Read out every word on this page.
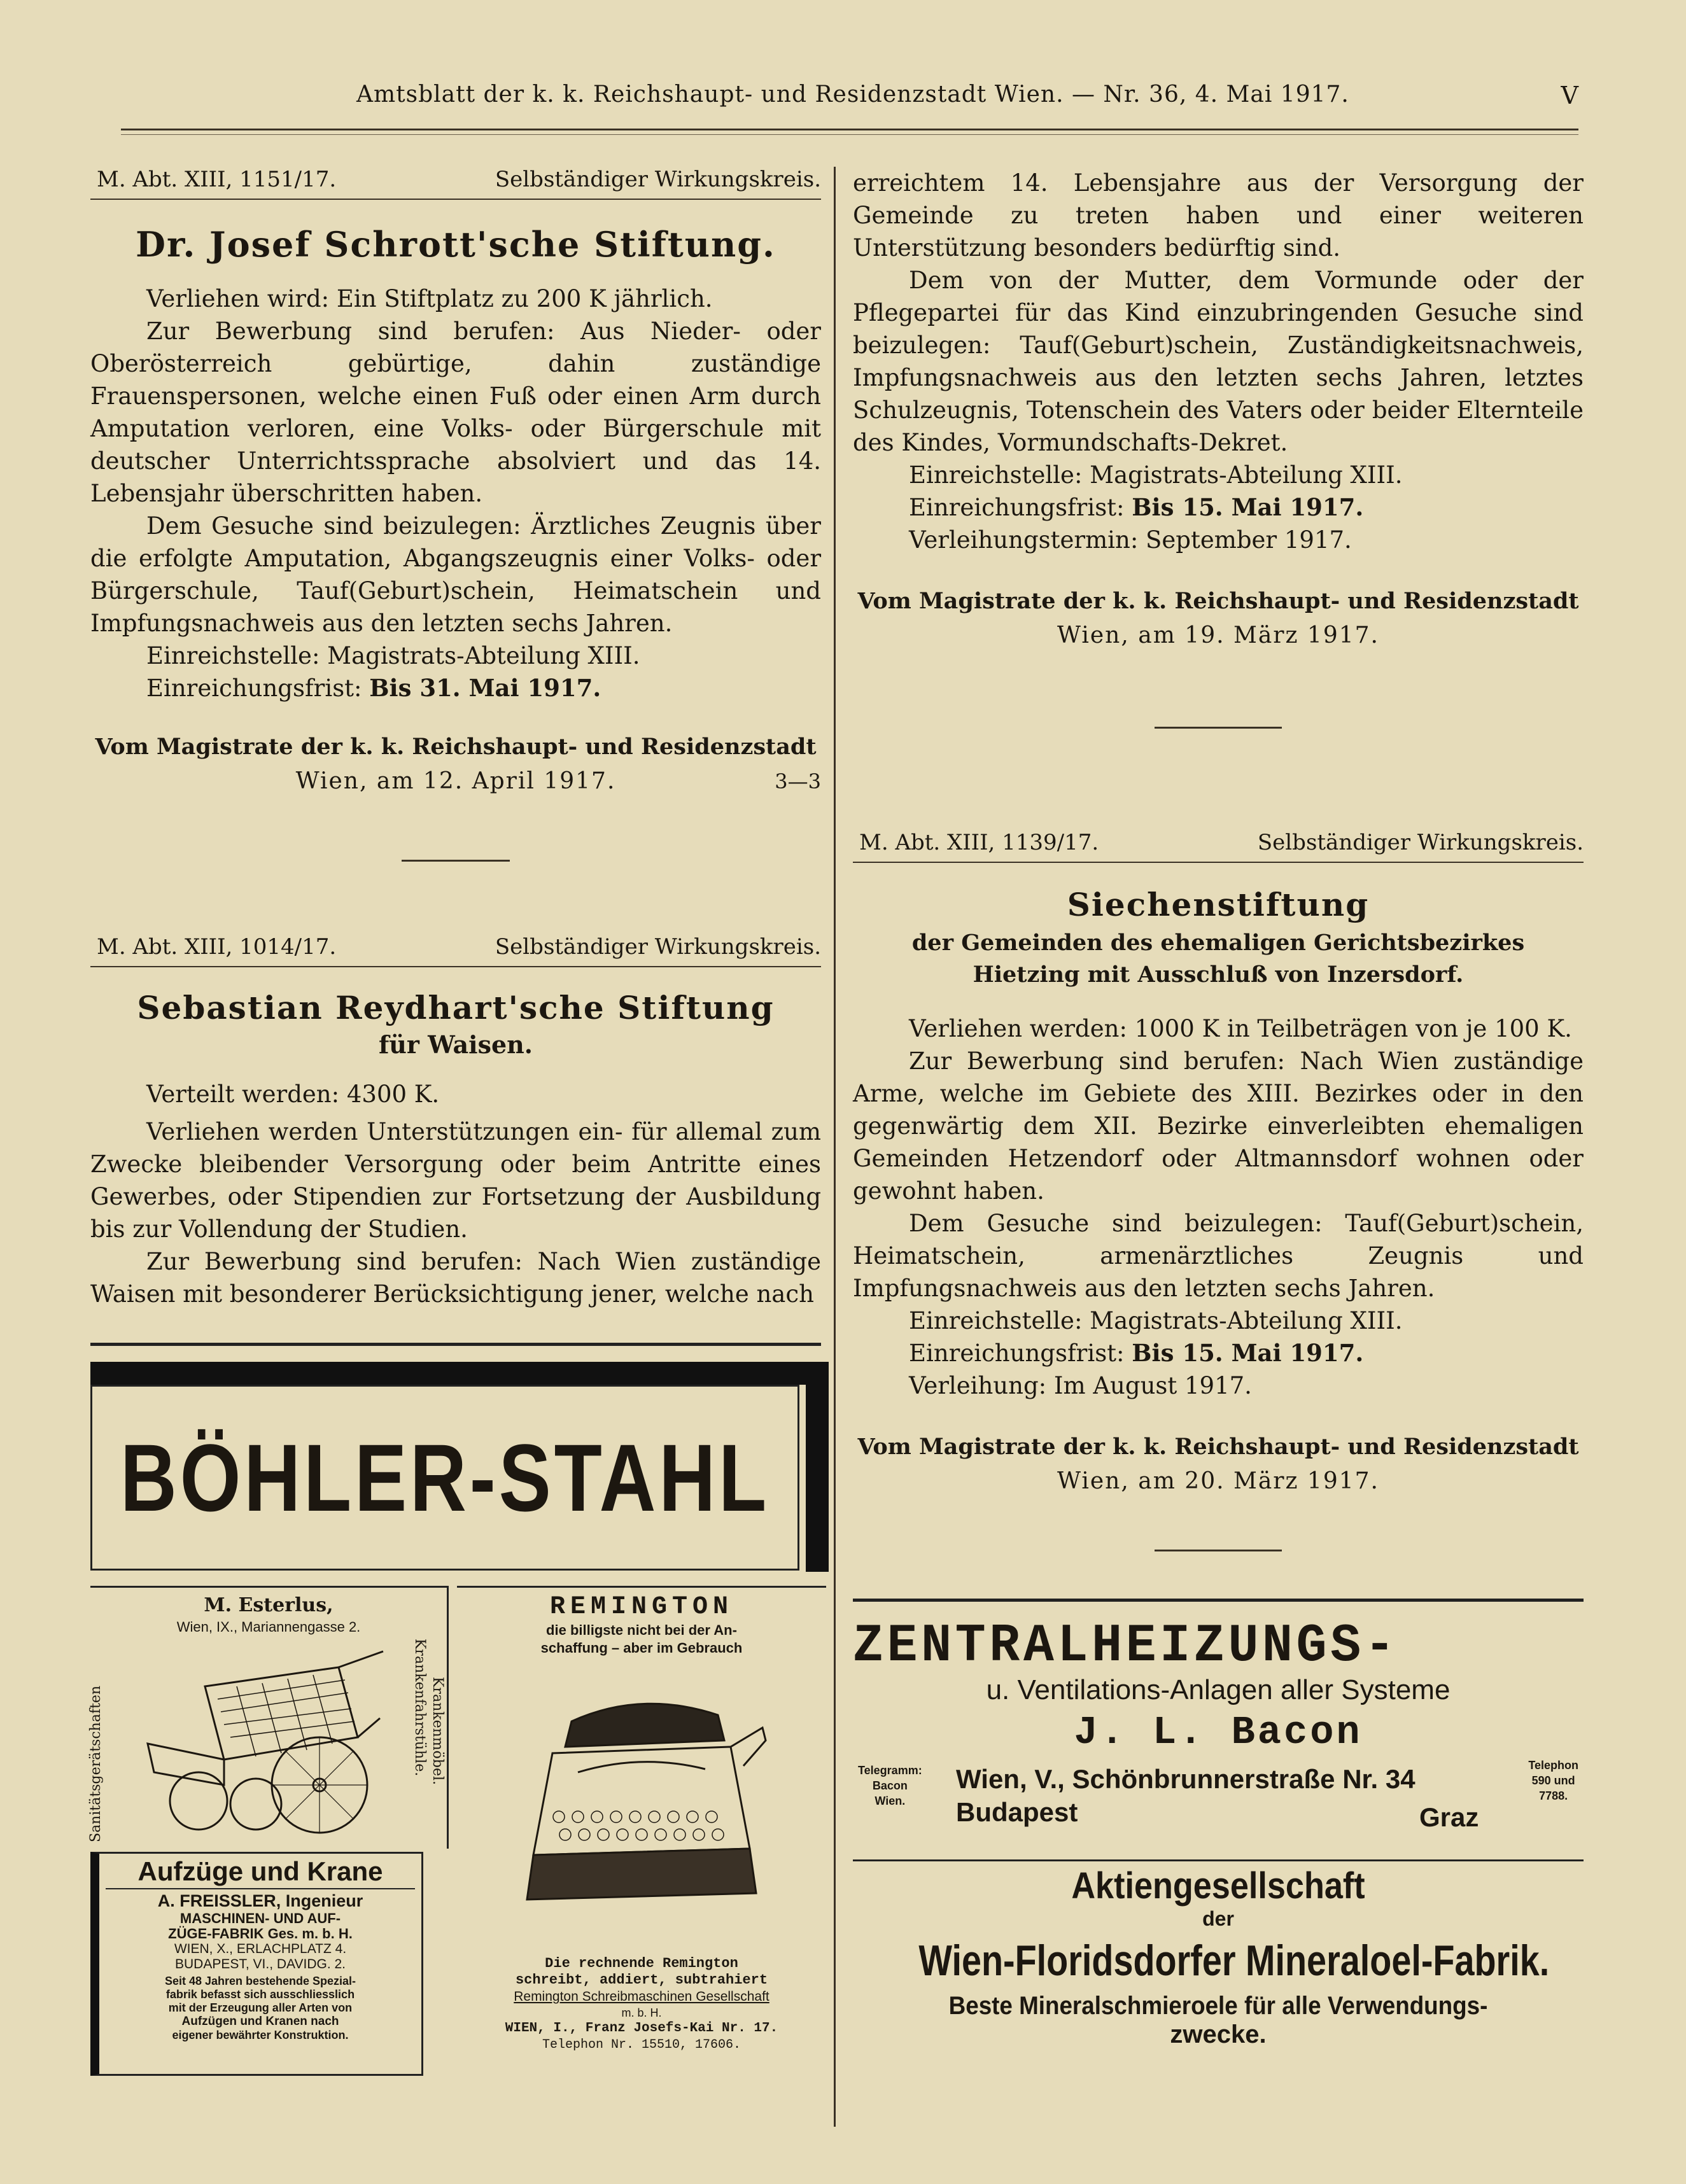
Amtsblatt der k. k. Reichshaupt- und Residenzstadt Wien. — Nr. 36, 4. Mai 1917.	V
M. Abt. XIII, 1151/17.	Selbständiger Wirkungskreis.
Dr. Josef Schrott'sche Stiftung.

Verliehen wird: Ein Stiftplatz zu 200 K jährlich.

Zur Bewerbung sind berufen: Aus Nieder- oder Oberösterreich gebürtige, dahin zuständige Frauenspersonen, welche einen Fuß oder einen Arm durch Amputation verloren, eine Volks- oder Bürgerschule mit deutscher Unterrichtssprache absolviert und das 14. Lebensjahr überschritten haben.

Dem Gesuche sind beizulegen: Ärztliches Zeugnis über die erfolgte Amputation, Abgangszeugnis einer Volks- oder Bürgerschule, Tauf(Geburt)schein, Heimatschein und Impfungsnachweis aus den letzten sechs Jahren.

Einreichstelle: Magistrats-Abteilung XIII.

Einreichungsfrist: Bis 31. Mai 1917.

Vom Magistrate der k. k. Reichshaupt- und Residenzstadt
Wien, am 12. April 1917.	3—3
M. Abt. XIII, 1014/17.	Selbständiger Wirkungskreis.
Sebastian Reydhart'sche Stiftung
für Waisen.

Verteilt werden: 4300 K.

Verliehen werden Unterstützungen ein- für allemal zum Zwecke bleibender Versorgung oder beim Antritte eines Gewerbes, oder Stipendien zur Fortsetzung der Ausbildung bis zur Vollendung der Studien.

Zur Bewerbung sind berufen: Nach Wien zuständige Waisen mit besonderer Berücksichtigung jener, welche nach

erreichtem 14. Lebensjahre aus der Versorgung der Gemeinde zu treten haben und einer weiteren Unterstützung besonders bedürftig sind.

Dem von der Mutter, dem Vormunde oder der Pflegepartei für das Kind einzubringenden Gesuche sind beizulegen: Tauf(Geburt)schein, Zuständigkeitsnachweis, Impfungsnachweis aus den letzten sechs Jahren, letztes Schulzeugnis, Totenschein des Vaters oder beider Elternteile des Kindes, Vormundschafts-Dekret.

Einreichstelle: Magistrats-Abteilung XIII.

Einreichungsfrist: Bis 15. Mai 1917.

Verleihungstermin: September 1917.

Vom Magistrate der k. k. Reichshaupt- und Residenzstadt
Wien, am 19. März 1917.
M. Abt. XIII, 1139/17.	Selbständiger Wirkungskreis.
Siechenstiftung
der Gemeinden des ehemaligen Gerichtsbezirkes Hietzing mit Ausschluß von Inzersdorf.

Verliehen werden: 1000 K in Teilbeträgen von je 100 K.

Zur Bewerbung sind berufen: Nach Wien zuständige Arme, welche im Gebiete des XIII. Bezirkes oder in den gegenwärtig dem XII. Bezirke einverleibten ehemaligen Gemeinden Hetzendorf oder Altmannsdorf wohnen oder gewohnt haben.

Dem Gesuche sind beizulegen: Tauf(Geburt)schein, Heimatschein, armenärztliches Zeugnis und Impfungsnachweis aus den letzten sechs Jahren.

Einreichstelle: Magistrats-Abteilung XIII.

Einreichungsfrist: Bis 15. Mai 1917.

Verleihung: Im August 1917.

Vom Magistrate der k. k. Reichshaupt- und Residenzstadt
Wien, am 20. März 1917.
BÖHLER-STAHL
M. Esterlus,
Wien, IX., Mariannengasse 2.
Sanitätsgerätschaften	Krankenfahrstühle. Krankenmöbel.
REMINGTON
die billigste nicht bei der An-
schaffung – aber im Gebrauch
Die rechnende Remington
schreibt, addiert, subtrahiert
Remington Schreibmaschinen Gesellschaft
m. b. H.
WIEN, I., Franz Josefs-Kai Nr. 17.
Telephon Nr. 15510, 17606.
Aufzüge und Krane
A. FREISSLER, Ingenieur
MASCHINEN- UND AUF-
ZÜGE-FABRIK Ges. m. b. H.
WIEN, X., ERLACHPLATZ 4.
BUDAPEST, VI., DAVIDG. 2.
Seit 48 Jahren bestehende Spezial-
fabrik befasst sich ausschliesslich
mit der Erzeugung aller Arten von
Aufzügen und Kranen nach
eigener bewährter Konstruktion.
ZENTRALHEIZUNGS-
u. Ventilations-Anlagen aller Systeme
J. L. Bacon
Telegramm:
Bacon
Wien.
Wien, V., Schönbrunnerstraße Nr. 34
Budapest	Graz
Telephon
590 und
7788.
Aktiengesellschaft
der
Wien-Floridsdorfer Mineraloel-Fabrik.
Beste Mineralschmieroele für alle Verwendungs-
zwecke.
